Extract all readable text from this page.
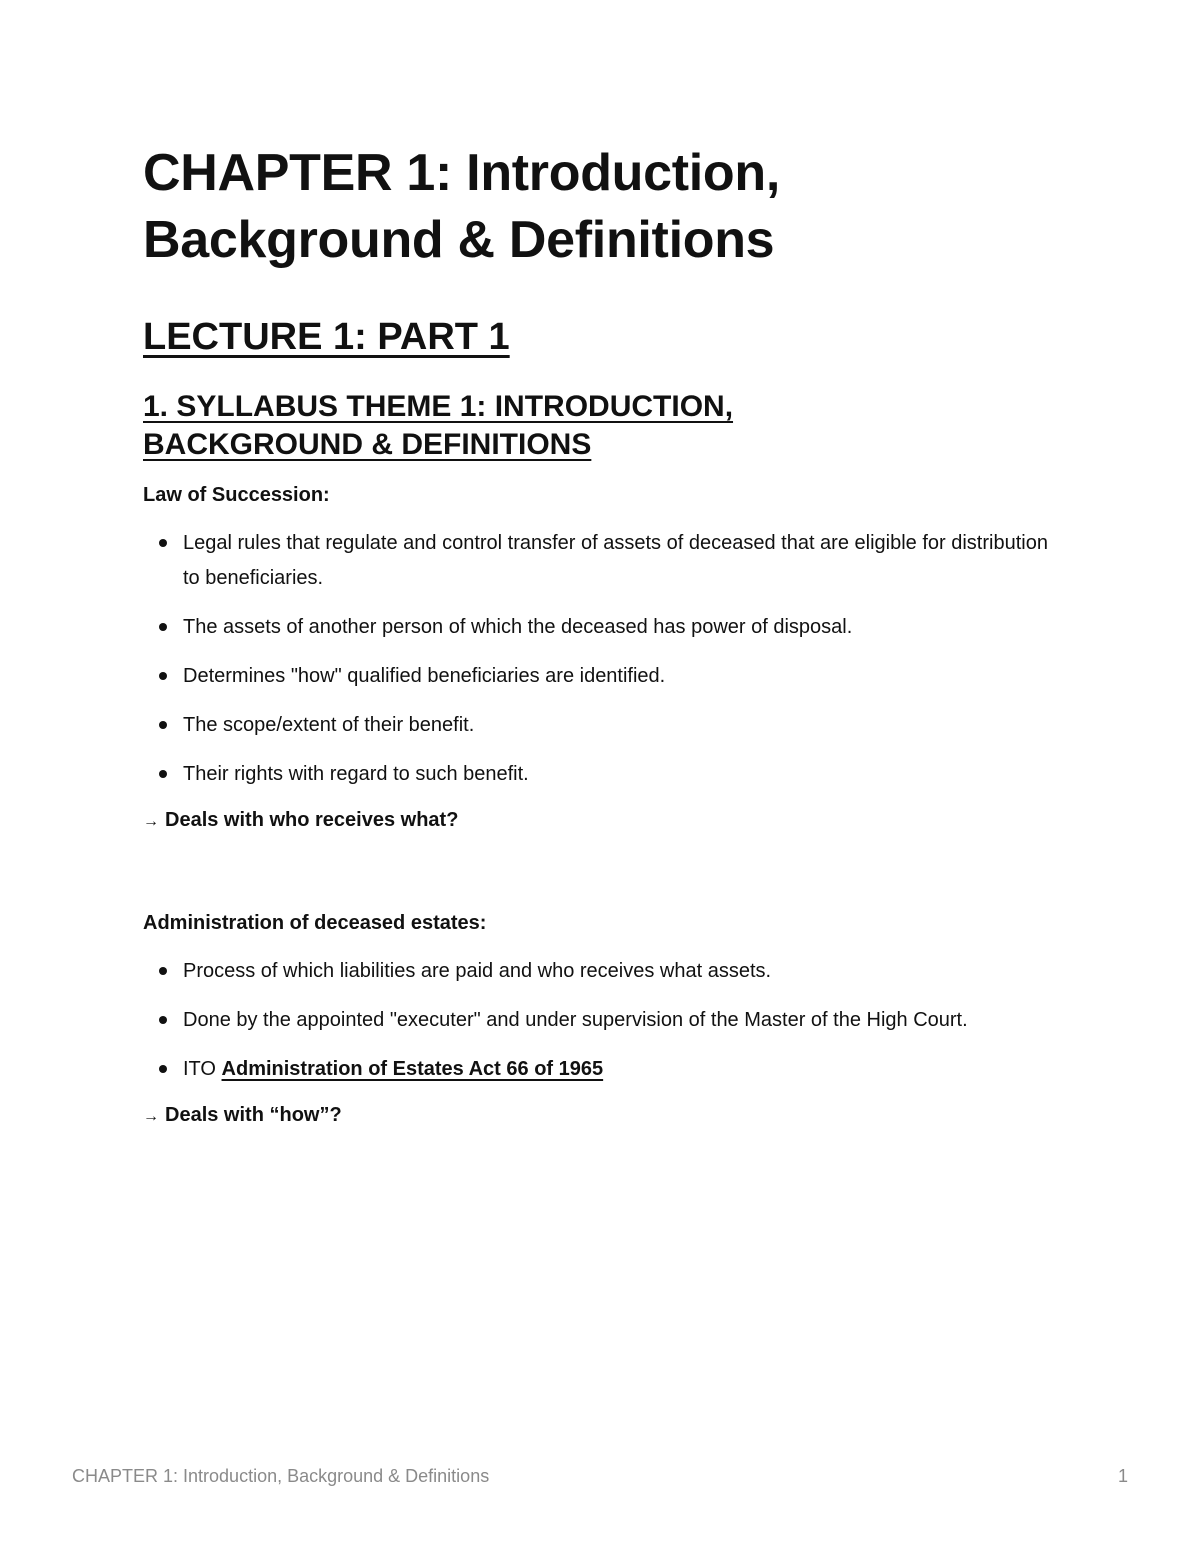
CHAPTER 1: Introduction,
Background & Definitions
LECTURE 1: PART 1
1. SYLLABUS THEME 1: INTRODUCTION,
BACKGROUND & DEFINITIONS

Law of Succession:

Legal rules that regulate and control transfer of assets of deceased that are eligible for distribution to beneficiaries.
The assets of another person of which the deceased has power of disposal.
Determines "how" qualified beneficiaries are identified.
The scope/extent of their benefit.
Their rights with regard to such benefit.

→ Deals with who receives what?

Administration of deceased estates:

Process of which liabilities are paid and who receives what assets.
Done by the appointed "executer" and under supervision of the Master of the High Court.
ITO Administration of Estates Act 66 of 1965

→ Deals with “how”?

CHAPTER 1: Introduction, Background & Definitions	1
